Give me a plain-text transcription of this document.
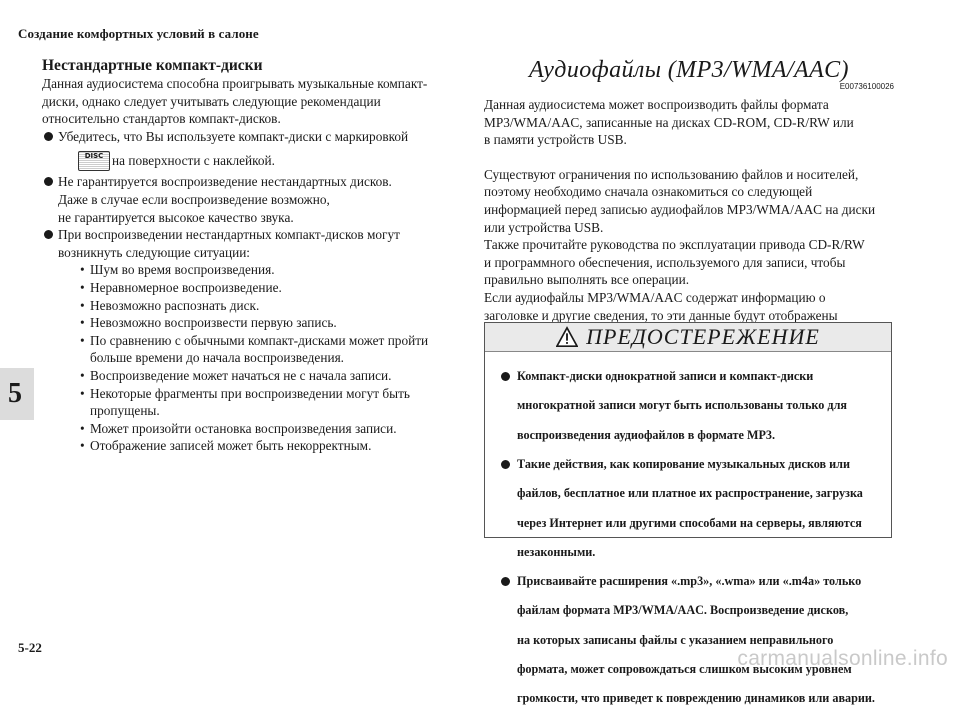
Создание комфортных условий в салоне
5
Нестандартные компакт-диски

Данная аудиосистема способна проигрывать музыкальные компакт-

диски, однако следует учитывать следующие рекомендации

относительно стандартов компакт-дисков.

Убедитесь, что Вы используете компакт-диски с маркировкой

DISC на поверхности с наклейкой.

Не гарантируется воспроизведение нестандартных дисков.

Даже в случае если воспроизведение возможно,

не гарантируется высокое качество звука.

При воспроизведении нестандартных компакт-дисков могут

возникнуть следующие ситуации:

• Шум во время воспроизведения.

• Неравномерное воспроизведение.

• Невозможно распознать диск.

• Невозможно воспроизвести первую запись.

• По сравнению с обычными компакт-дисками может пройти

больше времени до начала воспроизведения.

• Воспроизведение может начаться не с начала записи.

• Некоторые фрагменты при воспроизведении могут быть

пропущены.

• Может произойти остановка воспроизведения записи.

• Отображение записей может быть некорректным.

Аудиофайлы (MP3/WMA/AAC)
E00736100026

Данная аудиосистема может воспроизводить файлы формата

MP3/WMA/AAC, записанные на дисках CD-ROM, CD-R/RW или

в памяти устройств USB.

Существуют ограничения по использованию файлов и носителей,

поэтому необходимо сначала ознакомиться со следующей

информацией перед записью аудиофайлов MP3/WMA/AAC на диски

или устройства USB.

Также прочитайте руководства по эксплуатации привода CD-R/RW

и программного обеспечения, используемого для записи, чтобы

правильно выполнять все операции.

Если аудиофайлы MP3/WMA/AAC содержат информацию о

заголовке и другие сведения, то эти данные будут отображены

ПРЕДОСТЕРЕЖЕНИЕ

Компакт-диски однократной записи и компакт-диски

многократной записи могут быть использованы только для

воспроизведения аудиофайлов в формате MP3.

Такие действия, как копирование музыкальных дисков или

файлов, бесплатное или платное их распространение, загрузка

через Интернет или другими способами на серверы, являются

незаконными.

Присваивайте расширения «.mp3», «.wma» или «.m4a» только

файлам формата MP3/WMA/AAC. Воспроизведение дисков,

на которых записаны файлы с указанием неправильного

формата, может сопровождаться слишком высоким уровнем

громкости, что приведет к повреждению динамиков или аварии.

5-22	carmanualsonline.info
